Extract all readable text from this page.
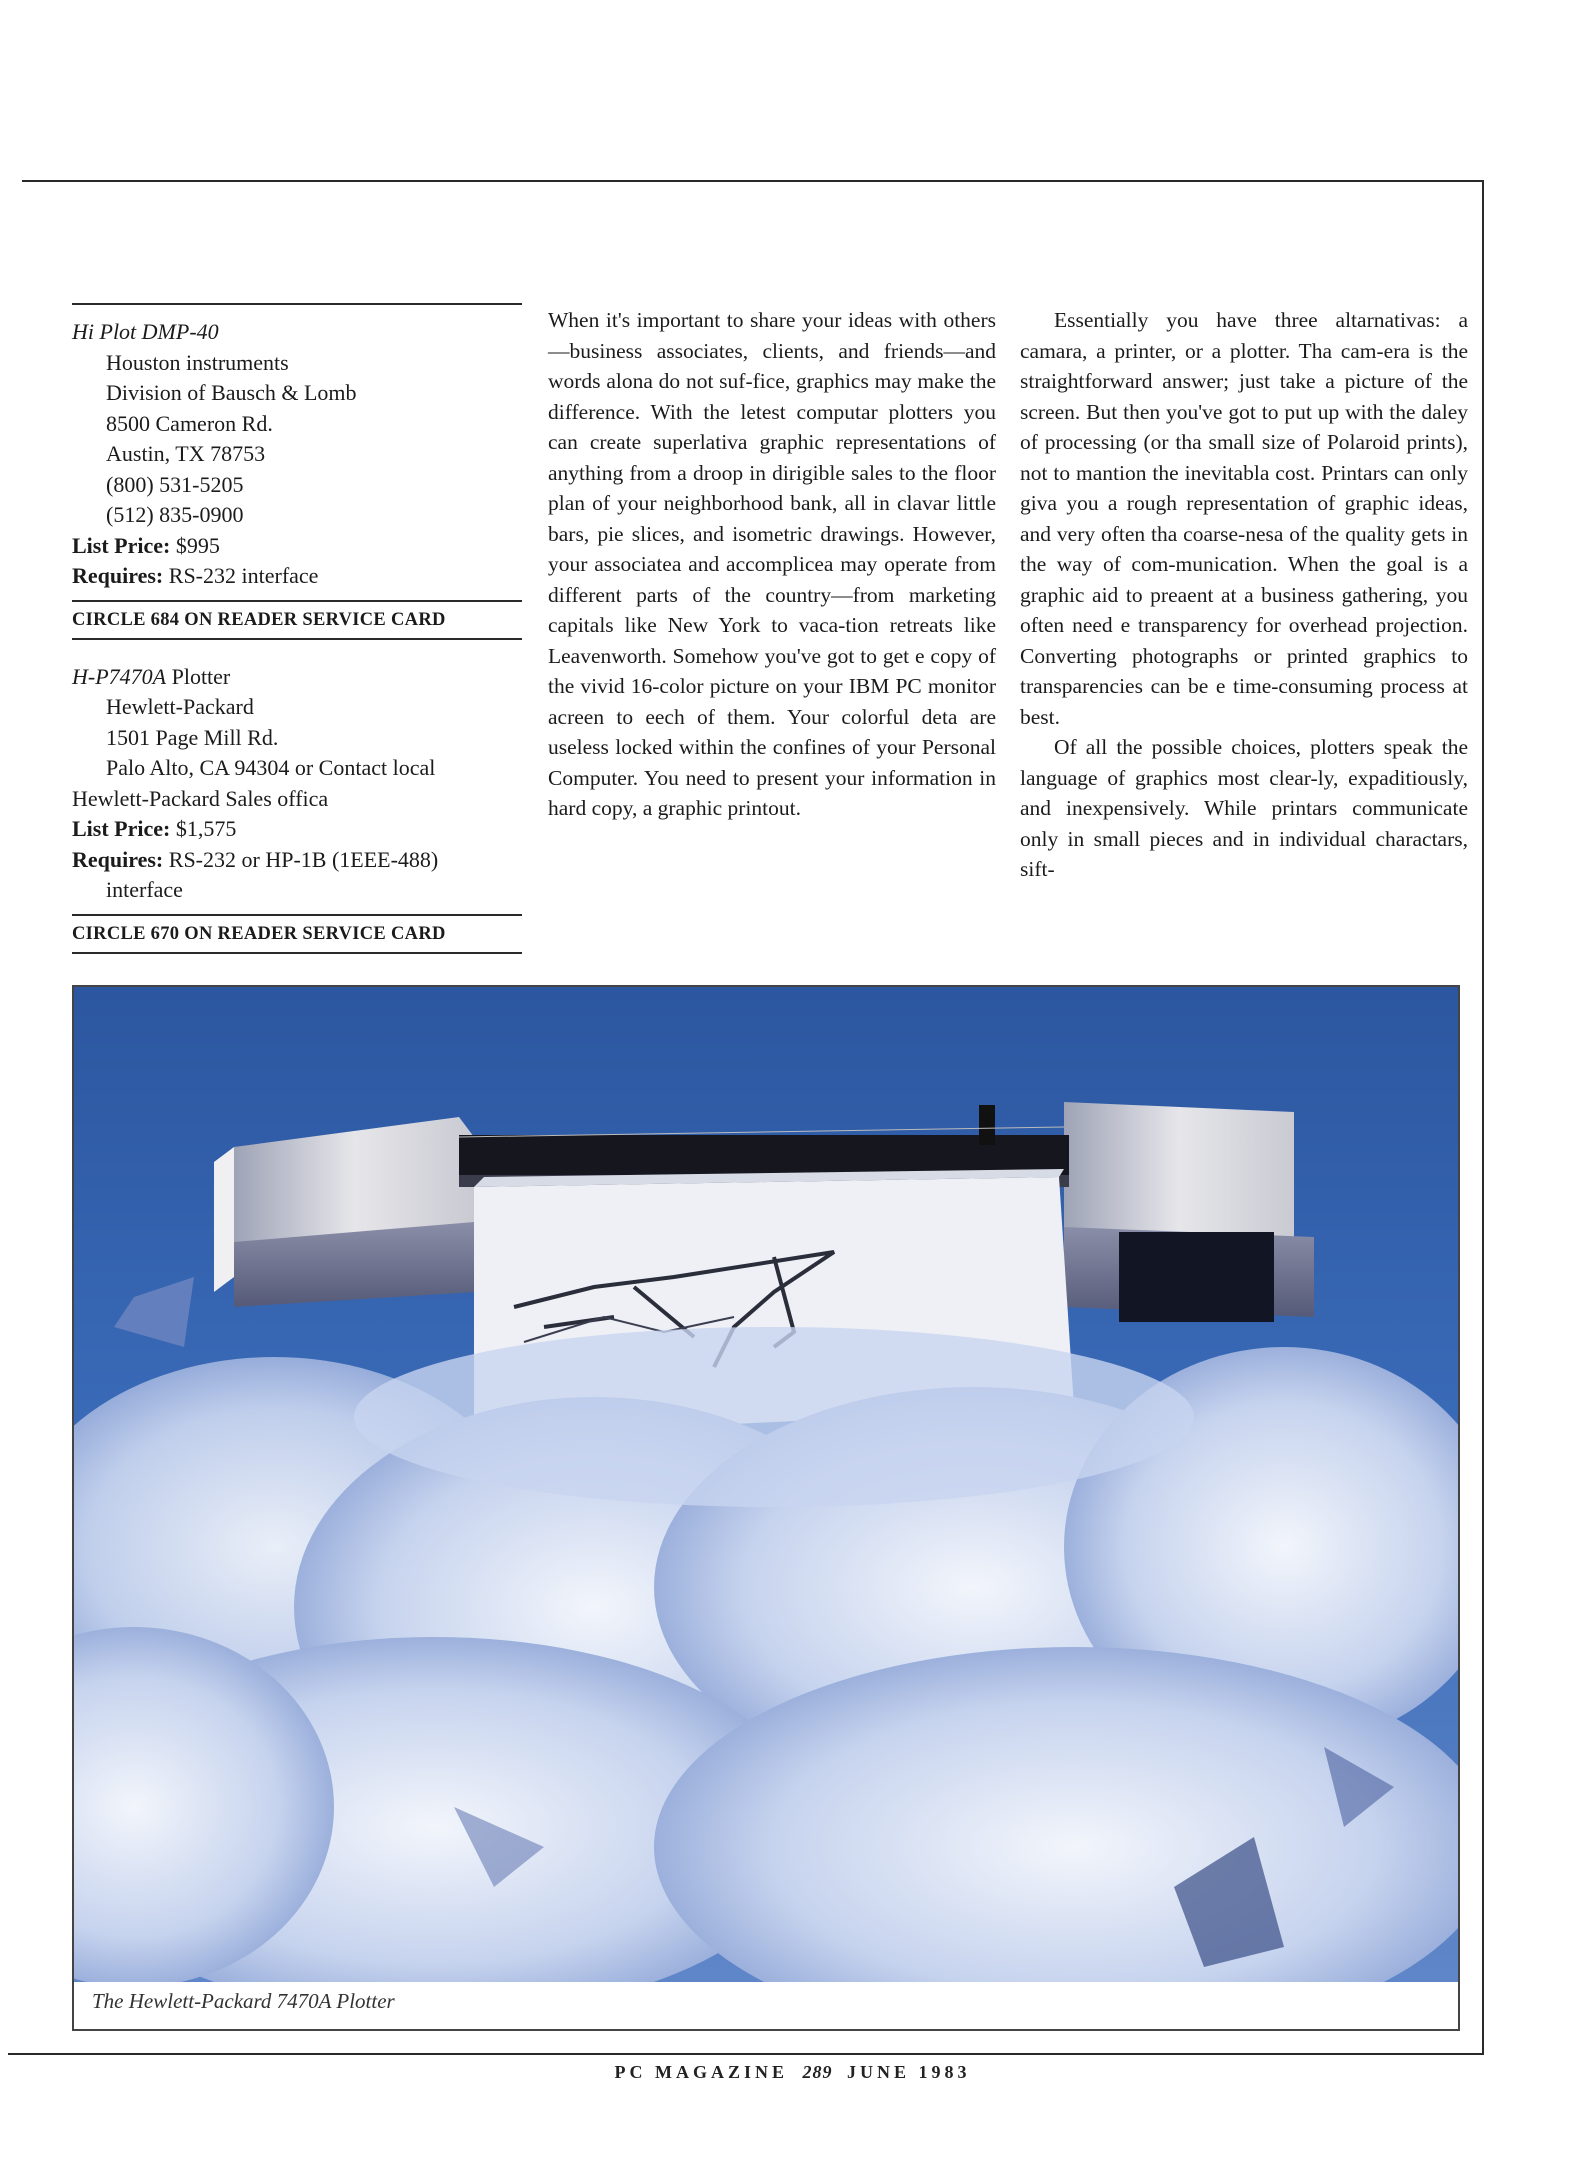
Hi Plot DMP-40
Houston instruments
Division of Bausch & Lomb
8500 Cameron Rd.
Austin, TX 78753
(800) 531-5205
(512) 835-0900
List Price: $995
Requires: RS-232 interface
CIRCLE 684 ON READER SERVICE CARD
H-P7470A Plotter
Hewlett-Packard
1501 Page Mill Rd.
Palo Alto, CA 94304 or Contact local
Hewlett-Packard Sales offica
List Price: $1,575
Requires: RS-232 or HP-1B (1EEE-488)
interface
CIRCLE 670 ON READER SERVICE CARD

When it's important to share your ideas with others—business associates, clients, and friends—and words alona do not suf-fice, graphics may make the difference. With the letest computar plotters you can create superlativa graphic representations of anything from a droop in dirigible sales to the floor plan of your neighborhood bank, all in clavar little bars, pie slices, and isometric drawings. However, your associatea and accomplicea may operate from different parts of the country—from marketing capitals like New York to vaca-tion retreats like Leavenworth. Somehow you've got to get e copy of the vivid 16-color picture on your IBM PC monitor acreen to eech of them. Your colorful deta are useless locked within the confines of your Personal Computer. You need to present your information in hard copy, a graphic printout.

Essentially you have three altarnativas: a camara, a printer, or a plotter. Tha cam-era is the straightforward answer; just take a picture of the screen. But then you've got to put up with the daley of processing (or tha small size of Polaroid prints), not to mantion the inevitabla cost. Printars can only giva you a rough representation of graphic ideas, and very often tha coarse-nesa of the quality gets in the way of com-munication. When the goal is a graphic aid to preaent at a business gathering, you often need e transparency for overhead projection. Converting photographs or printed graphics to transparencies can be e time-consuming process at best.

Of all the possible choices, plotters speak the language of graphics most clear-ly, expaditiously, and inexpensively. While printars communicate only in small pieces and in individual charactars, sift-

The Hewlett-Packard 7470A Plotter
PC MAGAZINE 289 JUNE 1983
